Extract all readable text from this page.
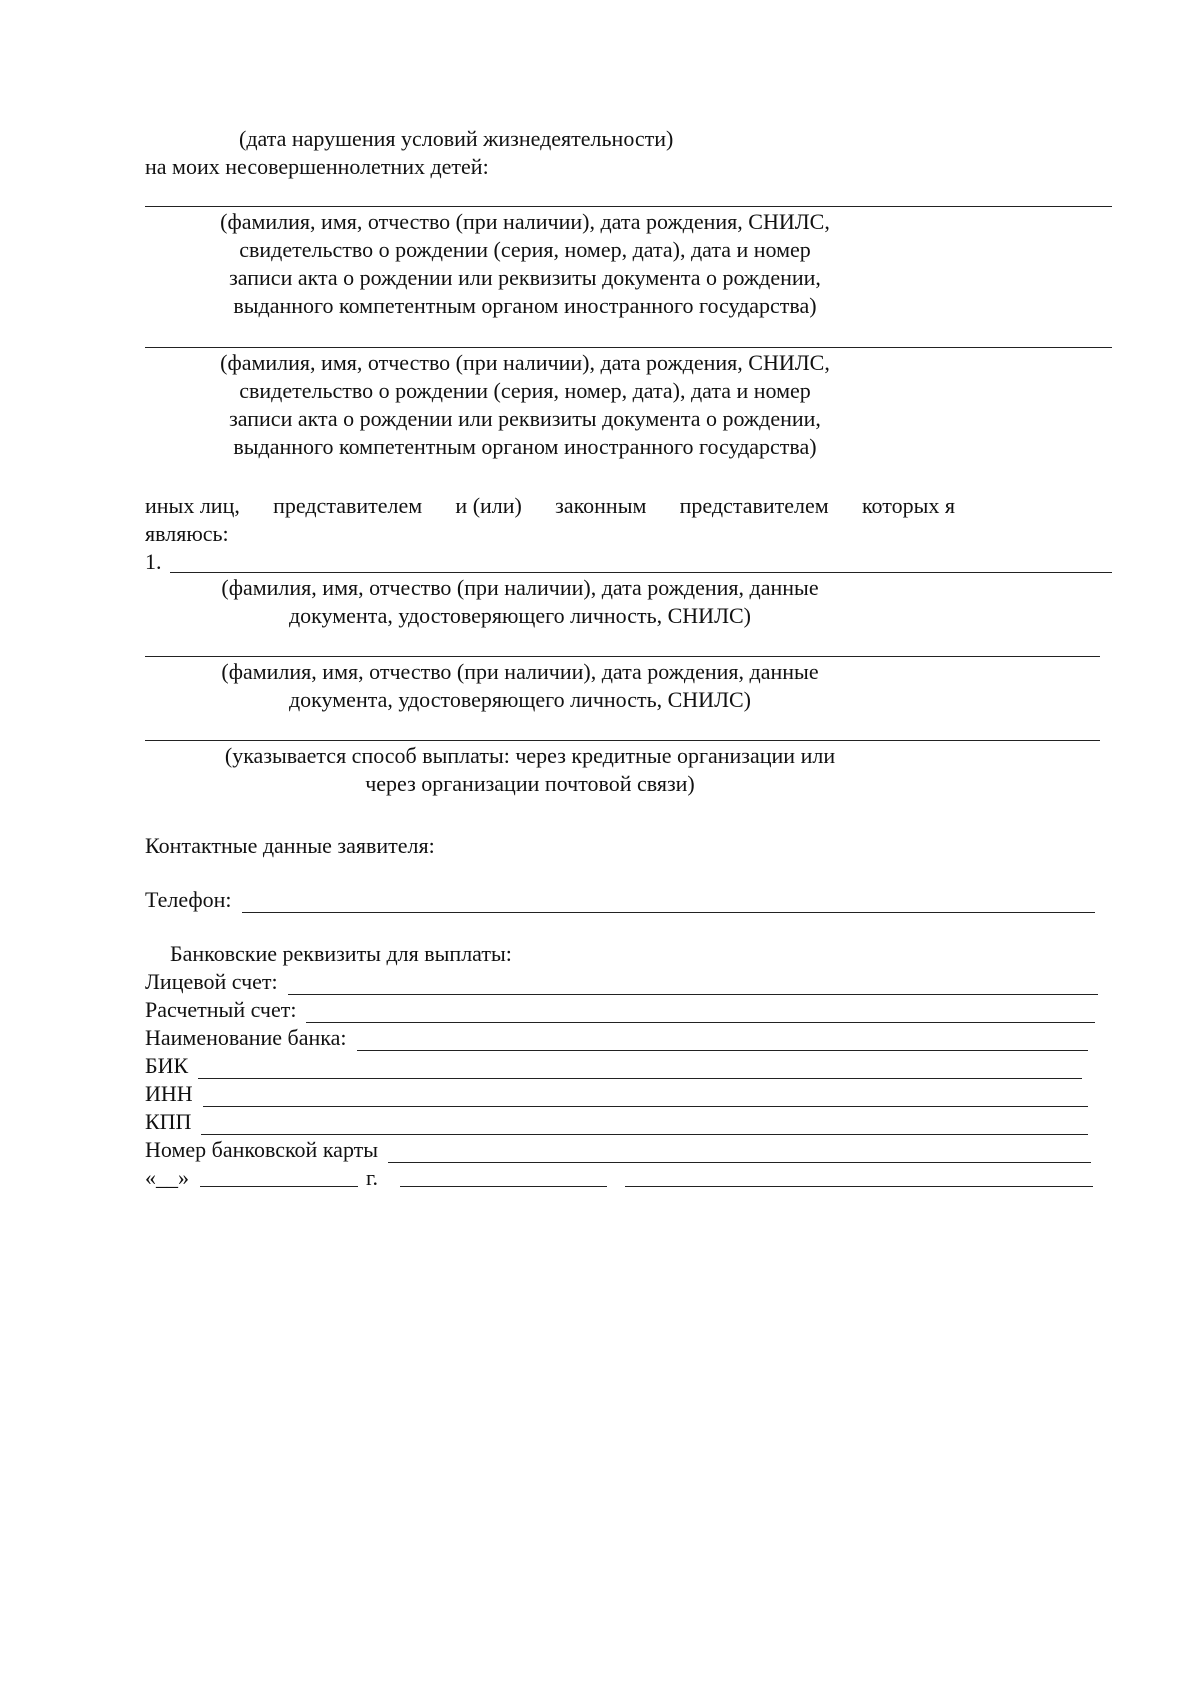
(дата нарушения условий жизнедеятельности)
на моих несовершеннолетних детей:
(фамилия, имя, отчество (при наличии), дата рождения, СНИЛС,
свидетельство о рождении (серия, номер, дата), дата и номер
записи акта о рождении или реквизиты документа о рождении,
выданного компетентным органом иностранного государства)
(фамилия, имя, отчество (при наличии), дата рождения, СНИЛС,
свидетельство о рождении (серия, номер, дата), дата и номер
записи акта о рождении или реквизиты документа о рождении,
выданного компетентным органом иностранного государства)
иных лиц, представителем и (или) законным представителем которых я
являюсь:
1.
(фамилия, имя, отчество (при наличии), дата рождения, данные
документа, удостоверяющего личность, СНИЛС)
(фамилия, имя, отчество (при наличии), дата рождения, данные
документа, удостоверяющего личность, СНИЛС)
(указывается способ выплаты: через кредитные организации или
через организации почтовой связи)
Контактные данные заявителя:
Телефон:
Банковские реквизиты для выплаты:
Лицевой счет:
Расчетный счет:
Наименование банка:
БИК
ИНН
КПП
Номер банковской карты
«__»	г.
